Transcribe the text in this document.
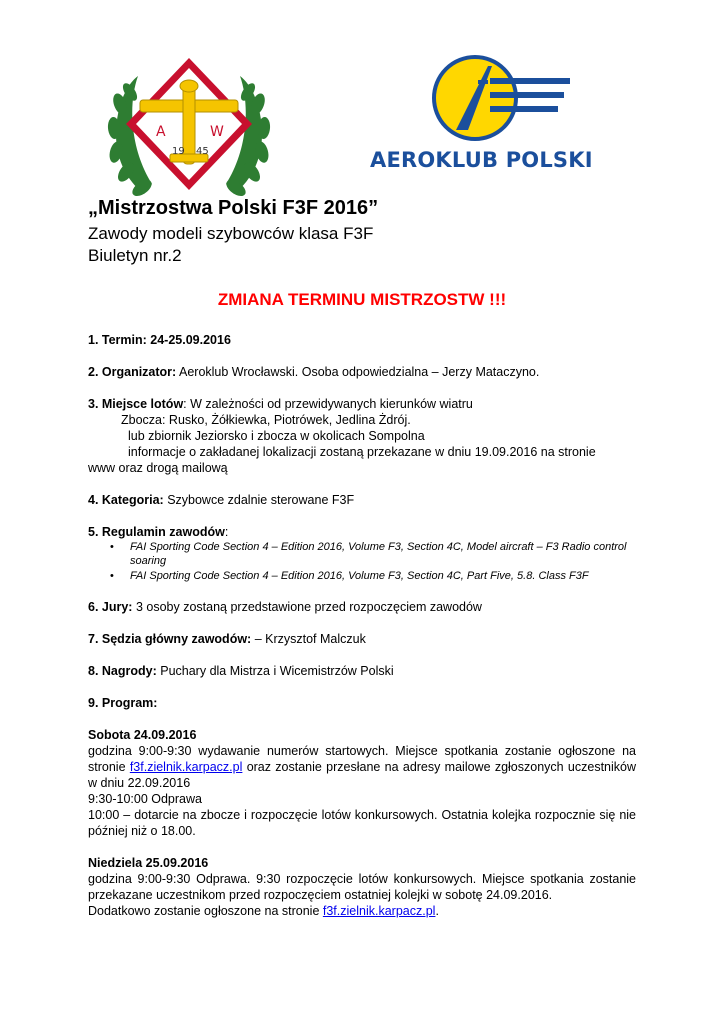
A	W
19 45	AEROKLUB POLSKI
„Mistrzostwa Polski F3F 2016”
Zawody modeli szybowców klasa F3F
Biuletyn nr.2
ZMIANA TERMINU MISTRZOSTW !!!
1. Termin: 24-25.09.2016
2. Organizator: Aeroklub Wrocławski. Osoba odpowiedzialna – Jerzy Mataczyno.
3. Miejsce lotów: W zależności od przewidywanych kierunków wiatru
Zbocza: Rusko, Żółkiewka, Piotrówek, Jedlina Żdrój.
lub zbiornik Jeziorsko i zbocza w okolicach Sompolna
informacje o zakładanej lokalizacji zostaną przekazane w dniu 19.09.2016 na stronie
www oraz drogą mailową
4. Kategoria: Szybowce zdalnie sterowane F3F
5. Regulamin zawodów:
• FAI Sporting Code Section 4 – Edition 2016, Volume F3, Section 4C, Model aircraft – F3 Radio control soaring
• FAI Sporting Code Section 4 – Edition 2016, Volume F3, Section 4C, Part Five, 5.8. Class F3F
6. Jury: 3 osoby zostaną przedstawione przed rozpoczęciem zawodów
7. Sędzia główny zawodów: – Krzysztof Malczuk
8. Nagrody: Puchary dla Mistrza i Wicemistrzów Polski
9. Program:
Sobota 24.09.2016
godzina 9:00-9:30 wydawanie numerów startowych. Miejsce spotkania zostanie ogłoszone na stronie f3f.zielnik.karpacz.pl oraz zostanie przesłane na adresy mailowe zgłoszonych uczestników w dniu 22.09.2016
9:30-10:00 Odprawa
10:00 – dotarcie na zbocze i rozpoczęcie lotów konkursowych. Ostatnia kolejka rozpocznie się nie później niż o 18.00.
Niedziela 25.09.2016
godzina 9:00-9:30 Odprawa. 9:30 rozpoczęcie lotów konkursowych. Miejsce spotkania zostanie przekazane uczestnikom przed rozpoczęciem ostatniej kolejki w sobotę 24.09.2016.
Dodatkowo zostanie ogłoszone na stronie f3f.zielnik.karpacz.pl.
